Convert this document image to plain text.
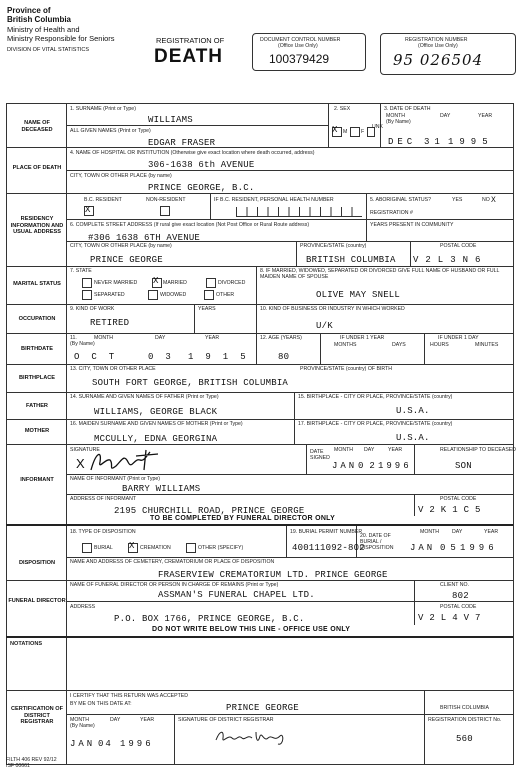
Province of
British Columbia
Ministry of Health and
Ministry Responsible for Seniors
DIVISION OF VITAL STATISTICS
REGISTRATION OF
DEATH
DOCUMENT CONTROL NUMBER
(Office Use Only)
100379429
REGISTRATION NUMBER
(Office Use Only)
95 026504
NAME OF DECEASED
PLACE OF DEATH
RESIDENCY INFORMATION AND USUAL ADDRESS
MARITAL STATUS
OCCUPATION
BIRTHDATE
BIRTHPLACE
FATHER
MOTHER
INFORMANT
DISPOSITION
FUNERAL DIRECTOR
NOTATIONS
CERTIFICATION OF DISTRICT REGISTRAR
1. SURNAME (Print or Type)
WILLIAMS
ALL GIVEN NAMES (Print or Type)
EDGAR FRASER
2. SEX
X M	F
UNK
3. DATE OF DEATH
MONTH	DAY	YEAR
(By Name)
DEC 31 1995
4. NAME OF HOSPITAL OR INSTITUTION (Otherwise give exact location where death occurred, address)
306-1638 6th AVENUE
CITY, TOWN OR OTHER PLACE (by name)
PRINCE GEORGE, B.C.
B.C. RESIDENT	NON-RESIDENT
X
IF B.C. RESIDENT, PERSONAL HEALTH NUMBER	5. ABORIGINAL STATUS?	YES	NO X
REGISTRATION #
6. COMPLETE STREET ADDRESS (If rural give exact location (Not Post Office or Rural Route address)
#306 1638 6TH AVENUE
YEARS PRESENT IN COMMUNITY
CITY, TOWN OR OTHER PLACE (by name)
PRINCE GEORGE
PROVINCE/STATE (country)
BRITISH COLUMBIA
POSTAL CODE
V2L3N6
7. STATE
NEVER MARRIED X MARRIED	DIVORCED
SEPARATED	WIDOWED	OTHER
8. IF MARRIED, WIDOWED, SEPARATED OR DIVORCED GIVE FULL NAME OF HUSBAND OR FULL MAIDEN NAME OF SPOUSE
OLIVE MAY SNELL
9. KIND OF WORK
RETIRED
YEARS	10. KIND OF BUSINESS OR INDUSTRY IN WHICH WORKED
U/K
11.	MONTH	DAY	YEAR
(By Name)
OCT 03 1915
12. AGE (YEARS)
80
IF UNDER 1 YEAR
MONTHS	DAYS
IF UNDER 1 DAY
HOURS	MINUTES
13. CITY, TOWN OR OTHER PLACE	PROVINCE/STATE (country) OF BIRTH
SOUTH FORT GEORGE, BRITISH COLUMBIA
14. SURNAME AND GIVEN NAMES OF FATHER (Print or Type)
WILLIAMS, GEORGE BLACK
15. BIRTHPLACE - CITY OR PLACE, PROVINCE/STATE (country)
U.S.A.
16. MAIDEN SURNAME AND GIVEN NAMES OF MOTHER (Print or Type)
MCCULLY, EDNA GEORGINA
17. BIRTHPLACE - CITY OR PLACE, PROVINCE/STATE (country)
U.S.A.
SIGNATURE
X
DATE SIGNED
MONTH DAY	YEAR
JAN 02
1996
RELATIONSHIP TO DECEASED
SON
NAME OF INFORMANT (Print or Type)
BARRY WILLIAMS
ADDRESS OF INFORMANT	POSTAL CODE
2195 CHURCHILL ROAD, PRINCE GEORGE	V2K1C5
TO BE COMPLETED BY FUNERAL DIRECTOR ONLY
18. TYPE OF DISPOSITION
BURIAL X CREMATION	OTHER (SPECIFY)
19. BURIAL PERMIT NUMBER
400111092-802
20. DATE OF BURIAL / DISPOSITION
MONTH DAY	YEAR
JAN 05 1996
NAME AND ADDRESS OF CEMETERY, CREMATORIUM OR PLACE OF DISPOSITION
FRASERVIEW CREMATORIUM LTD. PRINCE GEORGE
NAME OF FUNERAL DIRECTOR OR PERSON IN CHARGE OF REMAINS (Print or Type)
ASSMAN'S FUNERAL CHAPEL LTD.
CLIENT NO.
802
ADDRESS	POSTAL CODE
P.O. BOX 1766, PRINCE GEORGE, B.C.	V2L4V7
DO NOT WRITE BELOW THIS LINE - OFFICE USE ONLY
I CERTIFY THAT THIS RETURN WAS ACCEPTED
BY ME ON THIS DATE AT:	PRINCE GEORGE	BRITISH COLUMBIA
MONTH	DAY	YEAR
(By Name)
JAN 04 1996
SIGNATURE OF DISTRICT REGISTRAR	REGISTRATION DISTRICT No.
560
FILTH 406 REV 92/12
ISF 00661
